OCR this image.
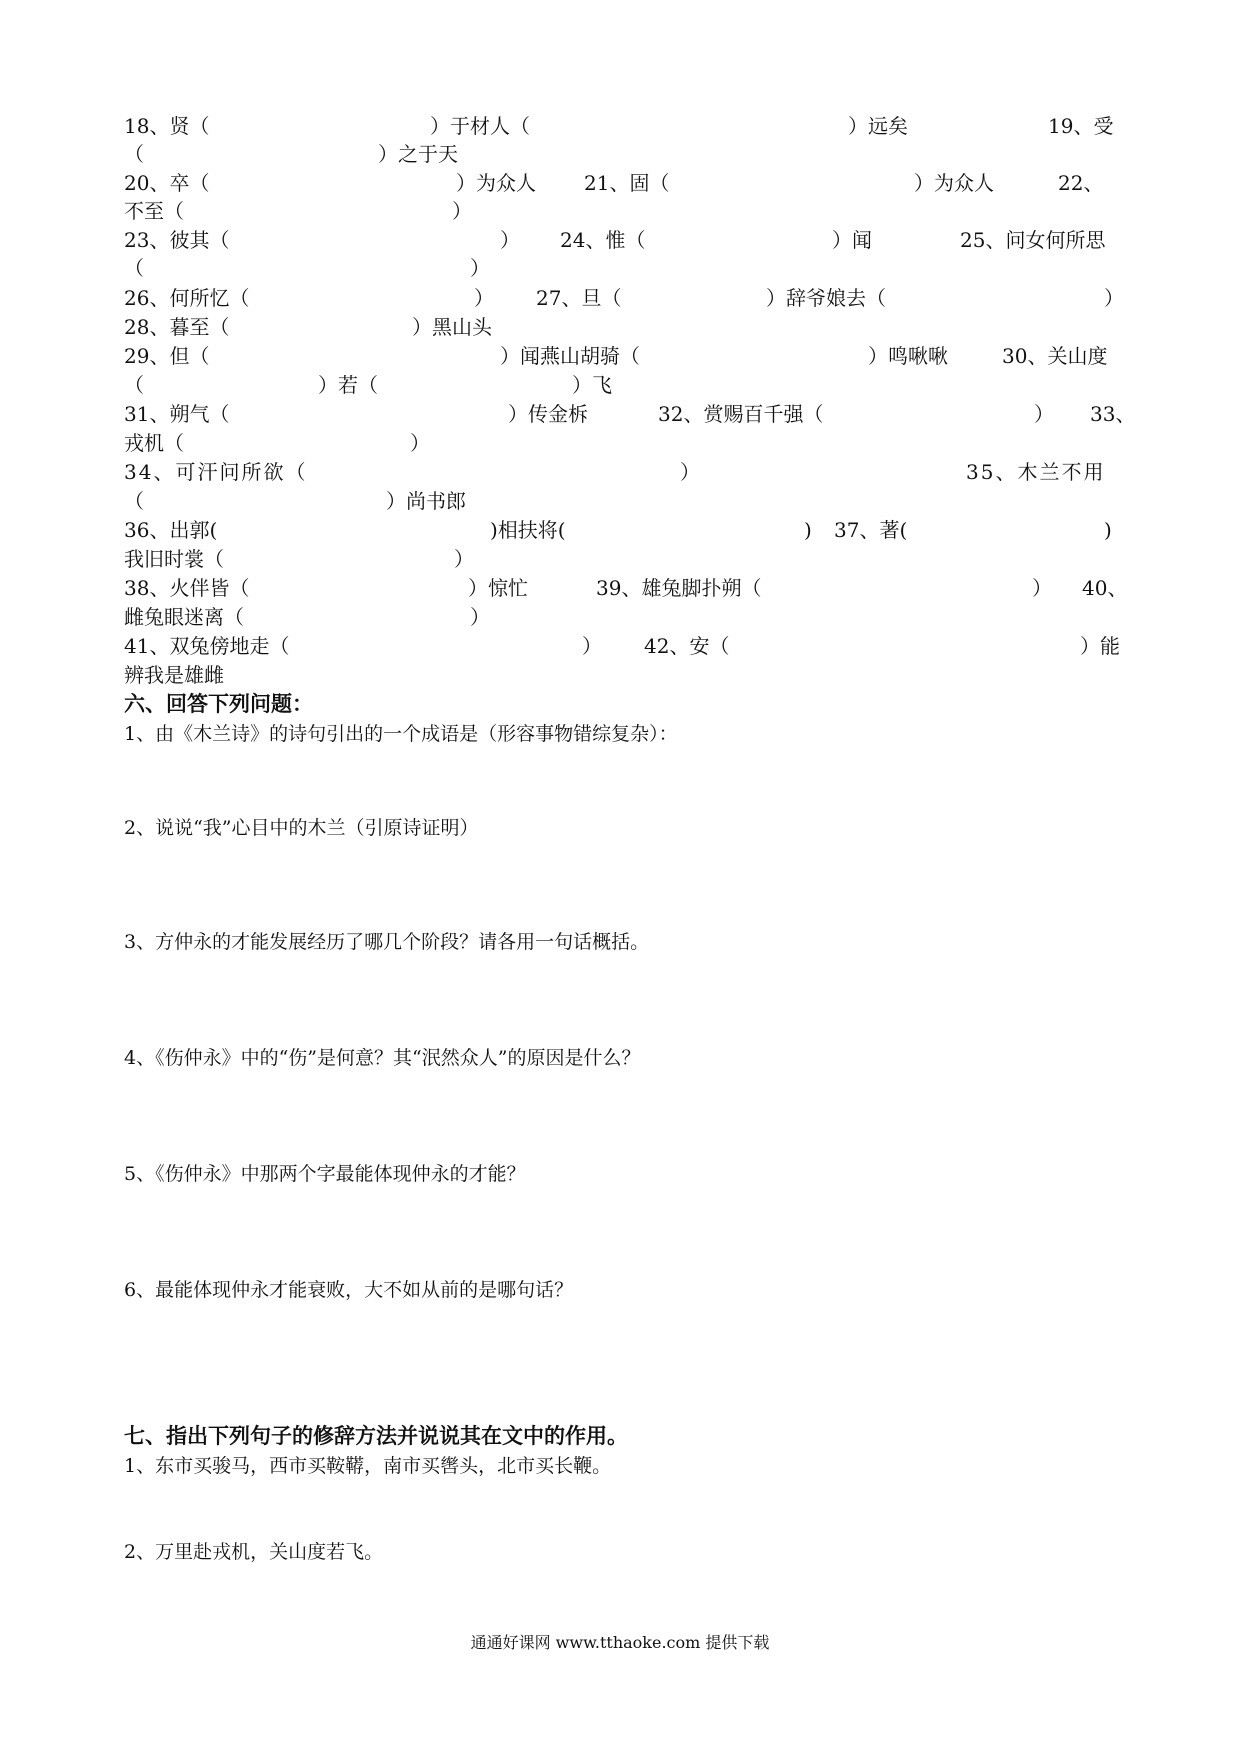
18、贤（	）于材人（	）远矣	19、受
（	）之于天
20、卒（	）为众人 21、固（	）为众人	22、
不至（	）
23、彼其（	） 24、惟（	）闻	25、问女何所思
（	）
26、何所忆（	） 27、旦（	）辞爷娘去（	）
28、暮至（	）黑山头
29、但（	）闻燕山胡骑（	）鸣啾啾	30、关山度
（	）若（	）飞
31、朔气（	）传金柝	32、赏赐百千强（	） 33、
戎机（	）
34、可汗问所欲（	）	35、木兰不用
（	）尚书郎
36、出郭(	)相扶将(	) 37、著(	)
我旧时裳（	）
38、火伴皆（	）惊忙	39、雄兔脚扑朔（	） 40、
雌兔眼迷离（	）
41、双兔傍地走（	） 42、安（	）能
辨我是雄雌
六、回答下列问题：
1、由《木兰诗》的诗句引出的一个成语是（形容事物错综复杂）：
2、说说“我”心目中的木兰（引原诗证明）
3、方仲永的才能发展经历了哪几个阶段？请各用一句话概括。
4、《伤仲永》中的“伤”是何意？其“泯然众人”的原因是什么？
5、《伤仲永》中那两个字最能体现仲永的才能？
6、最能体现仲永才能衰败，大不如从前的是哪句话？
七、指出下列句子的修辞方法并说说其在文中的作用。
1、东市买骏马，西市买鞍鞯，南市买辔头，北市买长鞭。
2、万里赴戎机，关山度若飞。
通通好课网 www.tthaoke.com 提供下载
